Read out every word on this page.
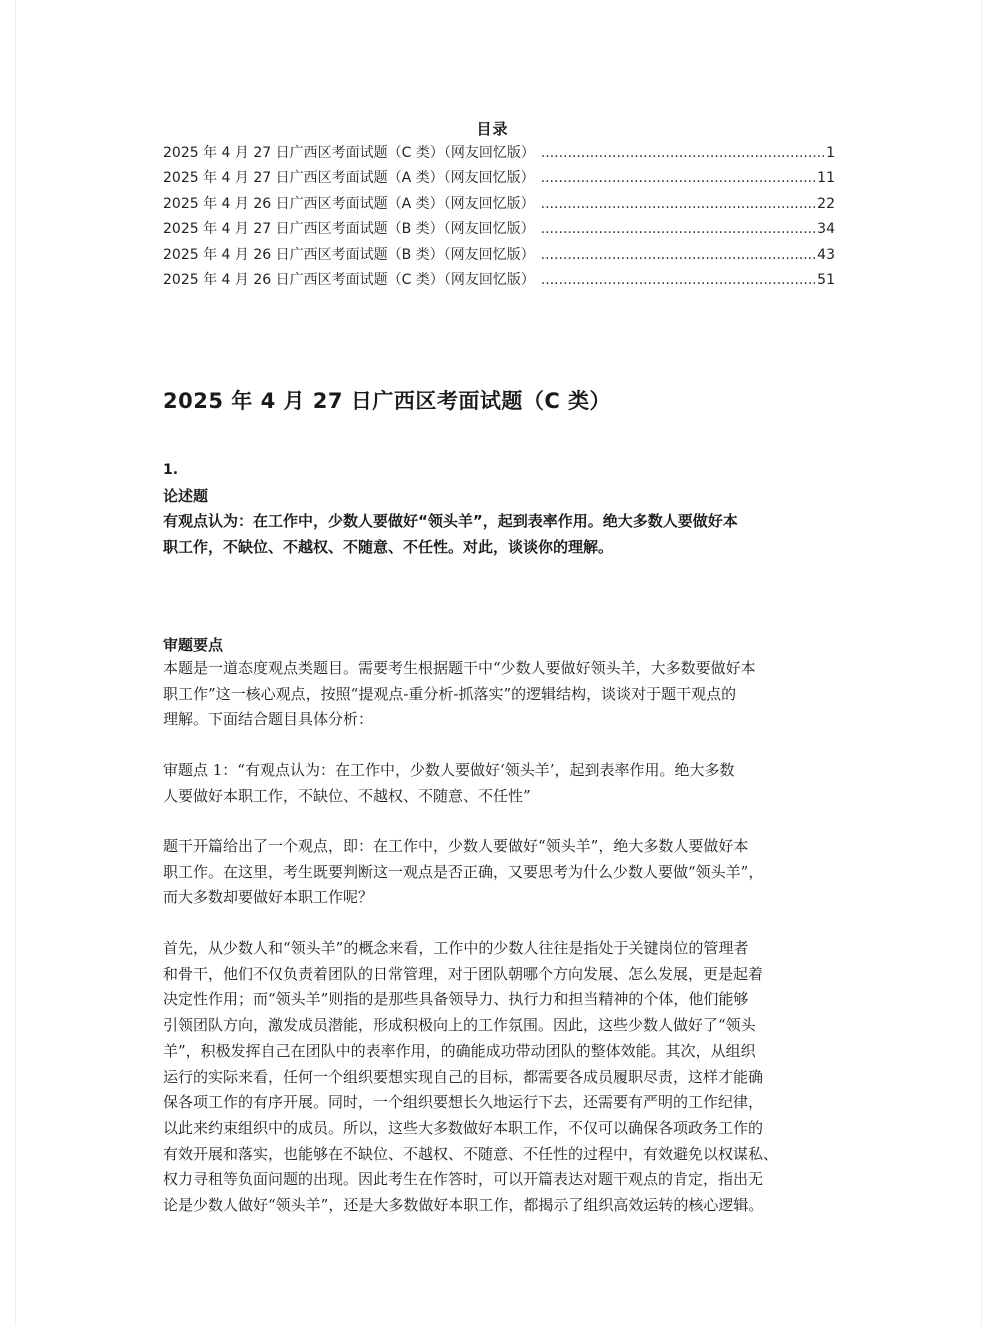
目录
2025 年 4 月 27 日广西区考面试题（C 类）（网友回忆版） .....	1
2025 年 4 月 27 日广西区考面试题（A 类）（网友回忆版） .....	11
2025 年 4 月 26 日广西区考面试题（A 类）（网友回忆版） .....	22
2025 年 4 月 27 日广西区考面试题（B 类）（网友回忆版） .....	34
2025 年 4 月 26 日广西区考面试题（B 类）（网友回忆版） .....	43
2025 年 4 月 26 日广西区考面试题（C 类）（网友回忆版） .....	51
2025 年 4 月 27 日广西区考面试题（C 类）
1.
论述题
有观点认为：在工作中，少数人要做好“领头羊”，起到表率作用。绝大多数人要做好本
职工作，不缺位、不越权、不随意、不任性。对此，谈谈你的理解。
审题要点
本题是一道态度观点类题目。需要考生根据题干中“少数人要做好领头羊，大多数要做好本
职工作”这一核心观点，按照“提观点-重分析-抓落实”的逻辑结构，谈谈对于题干观点的
理解。下面结合题目具体分析：
审题点 1：“有观点认为：在工作中，少数人要做好‘领头羊’，起到表率作用。绝大多数
人要做好本职工作，不缺位、不越权、不随意、不任性”
题干开篇给出了一个观点，即：在工作中，少数人要做好“领头羊”，绝大多数人要做好本
职工作。在这里，考生既要判断这一观点是否正确，又要思考为什么少数人要做“领头羊”，
而大多数却要做好本职工作呢？
首先，从少数人和“领头羊”的概念来看，工作中的少数人往往是指处于关键岗位的管理者
和骨干，他们不仅负责着团队的日常管理，对于团队朝哪个方向发展、怎么发展，更是起着
决定性作用；而“领头羊”则指的是那些具备领导力、执行力和担当精神的个体，他们能够
引领团队方向，激发成员潜能，形成积极向上的工作氛围。因此，这些少数人做好了“领头
羊”，积极发挥自己在团队中的表率作用，的确能成功带动团队的整体效能。其次，从组织
运行的实际来看，任何一个组织要想实现自己的目标，都需要各成员履职尽责，这样才能确
保各项工作的有序开展。同时，一个组织要想长久地运行下去，还需要有严明的工作纪律，
以此来约束组织中的成员。所以，这些大多数做好本职工作，不仅可以确保各项政务工作的
有效开展和落实，也能够在不缺位、不越权、不随意、不任性的过程中，有效避免以权谋私、
权力寻租等负面问题的出现。因此考生在作答时，可以开篇表达对题干观点的肯定，指出无
论是少数人做好“领头羊”，还是大多数做好本职工作，都揭示了组织高效运转的核心逻辑。
